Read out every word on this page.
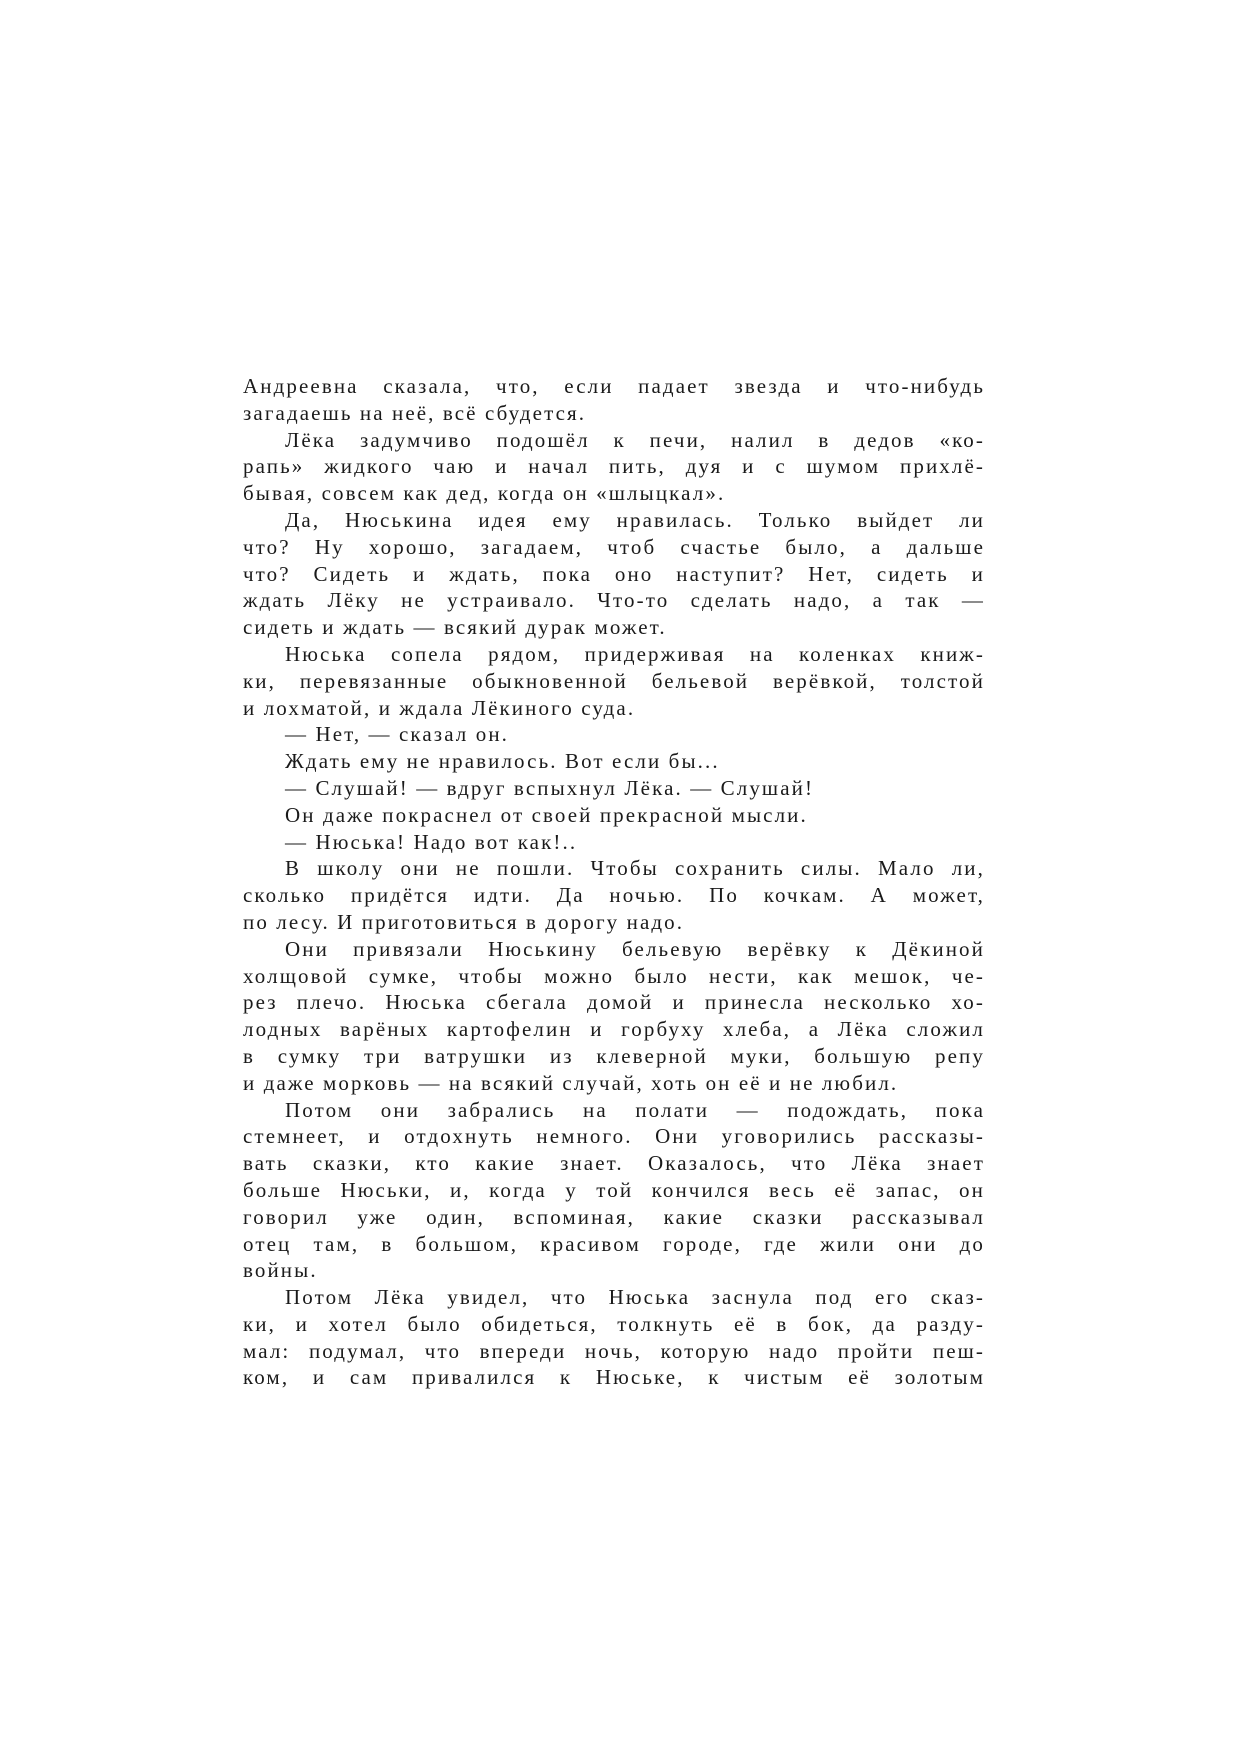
Андреевна сказала, что, если падает звезда и что-нибудь
загадаешь на неё, всё сбудется.
Лёка задумчиво подошёл к печи, налил в дедов «ко-
рапь» жидкого чаю и начал пить, дуя и с шумом прихлё-
бывая, совсем как дед, когда он «шлыцкал».
Да, Нюськина идея ему нравилась. Только выйдет ли
что? Ну хорошо, загадаем, чтоб счастье было, а дальше
что? Сидеть и ждать, пока оно наступит? Нет, сидеть и
ждать Лёку не устраивало. Что-то сделать надо, а так —
сидеть и ждать — всякий дурак может.
Нюська сопела рядом, придерживая на коленках книж-
ки, перевязанные обыкновенной бельевой верёвкой, толстой
и лохматой, и ждала Лёкиного суда.
— Нет, — сказал он.
Ждать ему не нравилось. Вот если бы...
— Слушай! — вдруг вспыхнул Лёка. — Слушай!
Он даже покраснел от своей прекрасной мысли.
— Нюська! Надо вот как!..
В школу они не пошли. Чтобы сохранить силы. Мало ли,
сколько придётся идти. Да ночью. По кочкам. А может,
по лесу. И приготовиться в дорогу надо.
Они привязали Нюськину бельевую верёвку к Дёкиной
холщовой сумке, чтобы можно было нести, как мешок, че-
рез плечо. Нюська сбегала домой и принесла несколько хо-
лодных варёных картофелин и горбуху хлеба, а Лёка сложил
в сумку три ватрушки из клеверной муки, большую репу
и даже морковь — на всякий случай, хоть он её и не любил.
Потом они забрались на полати — подождать, пока
стемнеет, и отдохнуть немного. Они уговорились рассказы-
вать сказки, кто какие знает. Оказалось, что Лёка знает
больше Нюськи, и, когда у той кончился весь её запас, он
говорил уже один, вспоминая, какие сказки рассказывал
отец там, в большом, красивом городе, где жили они до
войны.
Потом Лёка увидел, что Нюська заснула под его сказ-
ки, и хотел было обидеться, толкнуть её в бок, да разду-
мал: подумал, что впереди ночь, которую надо пройти пеш-
ком, и сам привалился к Нюське, к чистым её золотым
